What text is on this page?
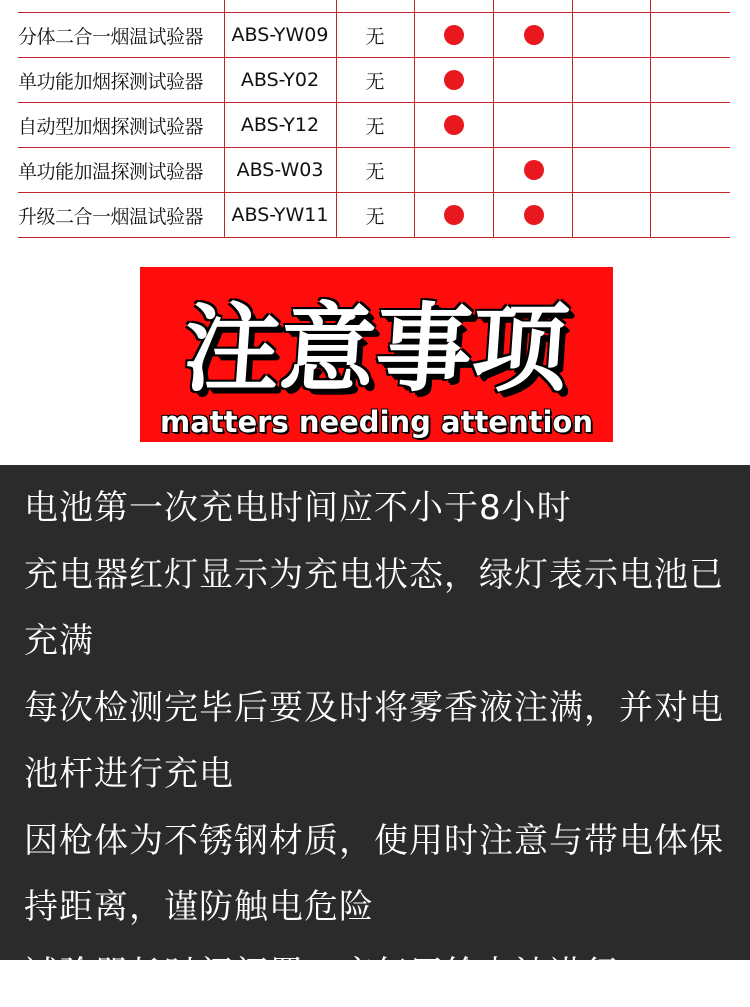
分体二合一烟温试验器	ABS-YW09	无
单功能加烟探测试验器	ABS-Y02	无
自动型加烟探测试验器	ABS-Y12	无
单功能加温探测试验器	ABS-W03	无
升级二合一烟温试验器	ABS-YW11	无
注意事项
matters needing attention
电池第一次充电时间应不小于8小时
充电器红灯显示为充电状态，绿灯表示电池已充满
每次检测完毕后要及时将雾香液注满，并对电池杆进行充电
因枪体为不锈钢材质，使用时注意与带电体保持距离，谨防触电危险
试验器长时间闲置，应每周给电池进行
